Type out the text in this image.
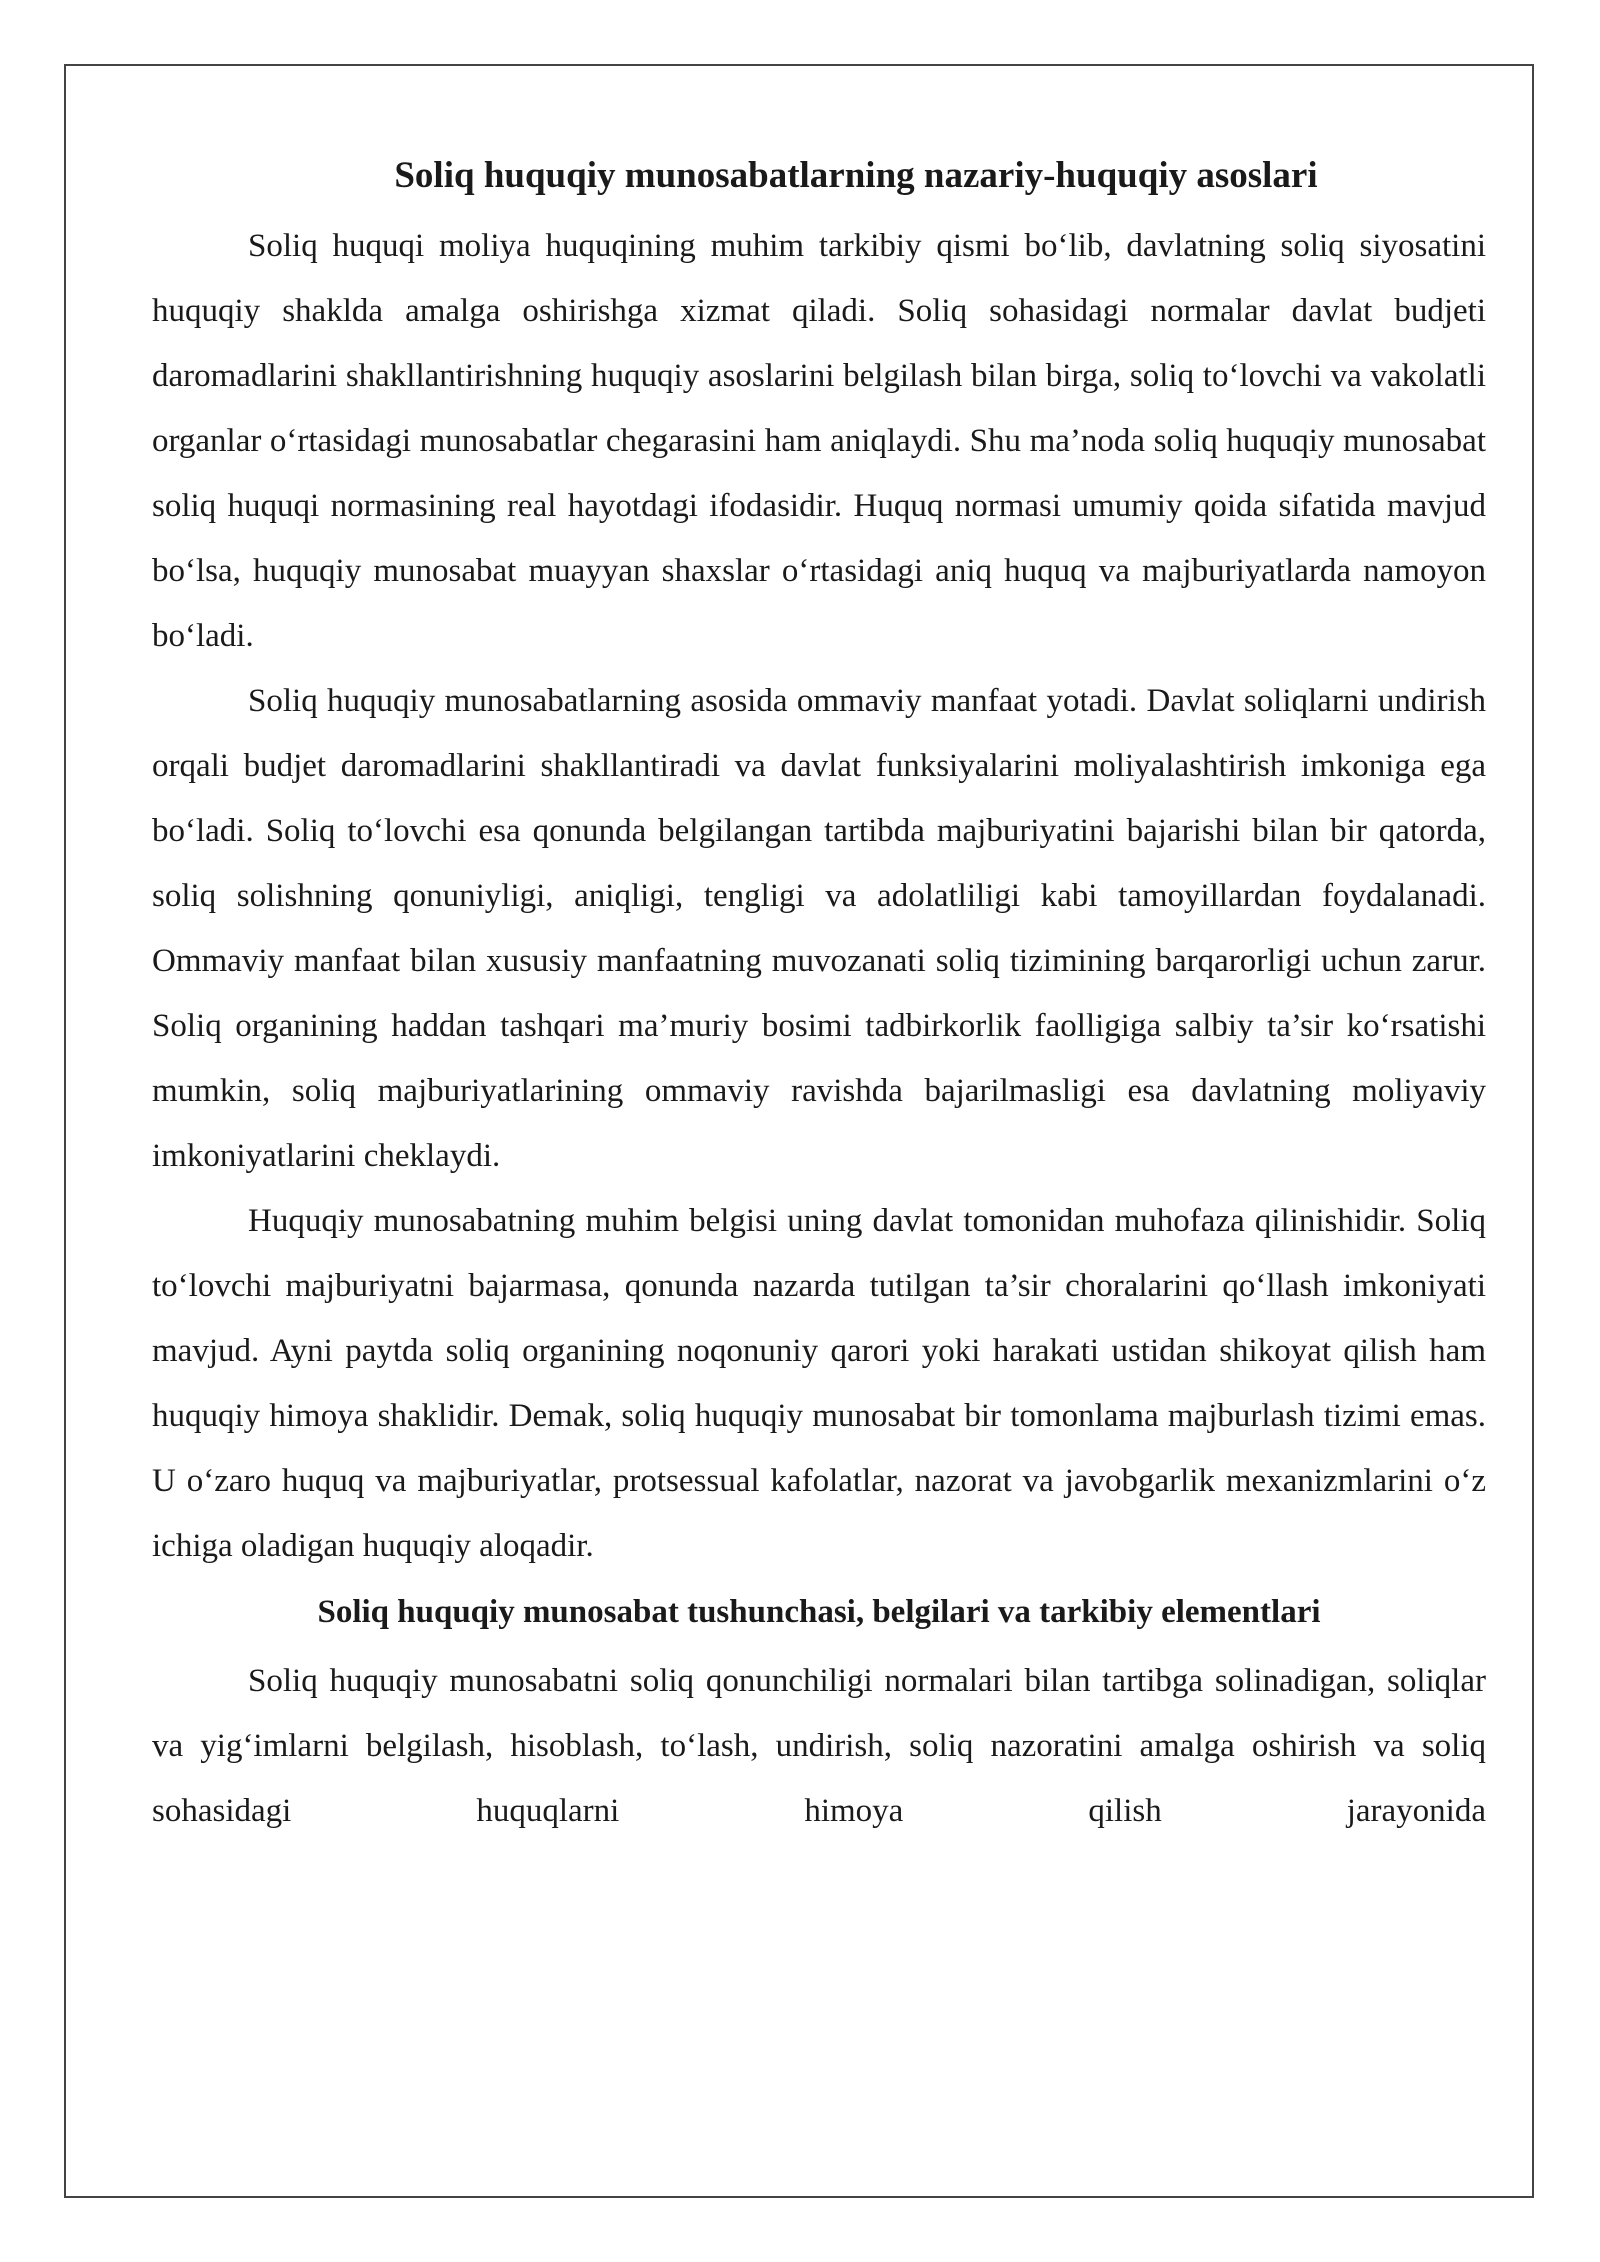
Soliq huquqiy munosabatlarning nazariy-huquqiy asoslari

Soliq huquqi moliya huquqining muhim tarkibiy qismi bo‘lib, davlatning soliq siyosatini huquqiy shaklda amalga oshirishga xizmat qiladi. Soliq sohasidagi normalar davlat budjeti daromadlarini shakllantirishning huquqiy asoslarini belgilash bilan birga, soliq to‘lovchi va vakolatli organlar o‘rtasidagi munosabatlar chegarasini ham aniqlaydi. Shu ma’noda soliq huquqiy munosabat soliq huquqi normasining real hayotdagi ifodasidir. Huquq normasi umumiy qoida sifatida mavjud bo‘lsa, huquqiy munosabat muayyan shaxslar o‘rtasidagi aniq huquq va majburiyatlarda namoyon bo‘ladi.

Soliq huquqiy munosabatlarning asosida ommaviy manfaat yotadi. Davlat soliqlarni undirish orqali budjet daromadlarini shakllantiradi va davlat funksiyalarini moliyalashtirish imkoniga ega bo‘ladi. Soliq to‘lovchi esa qonunda belgilangan tartibda majburiyatini bajarishi bilan bir qatorda, soliq solishning qonuniyligi, aniqligi, tengligi va adolatliligi kabi tamoyillardan foydalanadi. Ommaviy manfaat bilan xususiy manfaatning muvozanati soliq tizimining barqarorligi uchun zarur. Soliq organining haddan tashqari ma’muriy bosimi tadbirkorlik faolligiga salbiy ta’sir ko‘rsatishi mumkin, soliq majburiyatlarining ommaviy ravishda bajarilmasligi esa davlatning moliyaviy imkoniyatlarini cheklaydi.

Huquqiy munosabatning muhim belgisi uning davlat tomonidan muhofaza qilinishidir. Soliq to‘lovchi majburiyatni bajarmasa, qonunda nazarda tutilgan ta’sir choralarini qo‘llash imkoniyati mavjud. Ayni paytda soliq organining noqonuniy qarori yoki harakati ustidan shikoyat qilish ham huquqiy himoya shaklidir. Demak, soliq huquqiy munosabat bir tomonlama majburlash tizimi emas. U o‘zaro huquq va majburiyatlar, protsessual kafolatlar, nazorat va javobgarlik mexanizmlarini o‘z ichiga oladigan huquqiy aloqadir.

Soliq huquqiy munosabat tushunchasi, belgilari va tarkibiy elementlari

Soliq huquqiy munosabatni soliq qonunchiligi normalari bilan tartibga solinadigan, soliqlar va yig‘imlarni belgilash, hisoblash, to‘lash, undirish, soliq nazoratini amalga oshirish va soliq sohasidagi huquqlarni himoya qilish jarayonida
